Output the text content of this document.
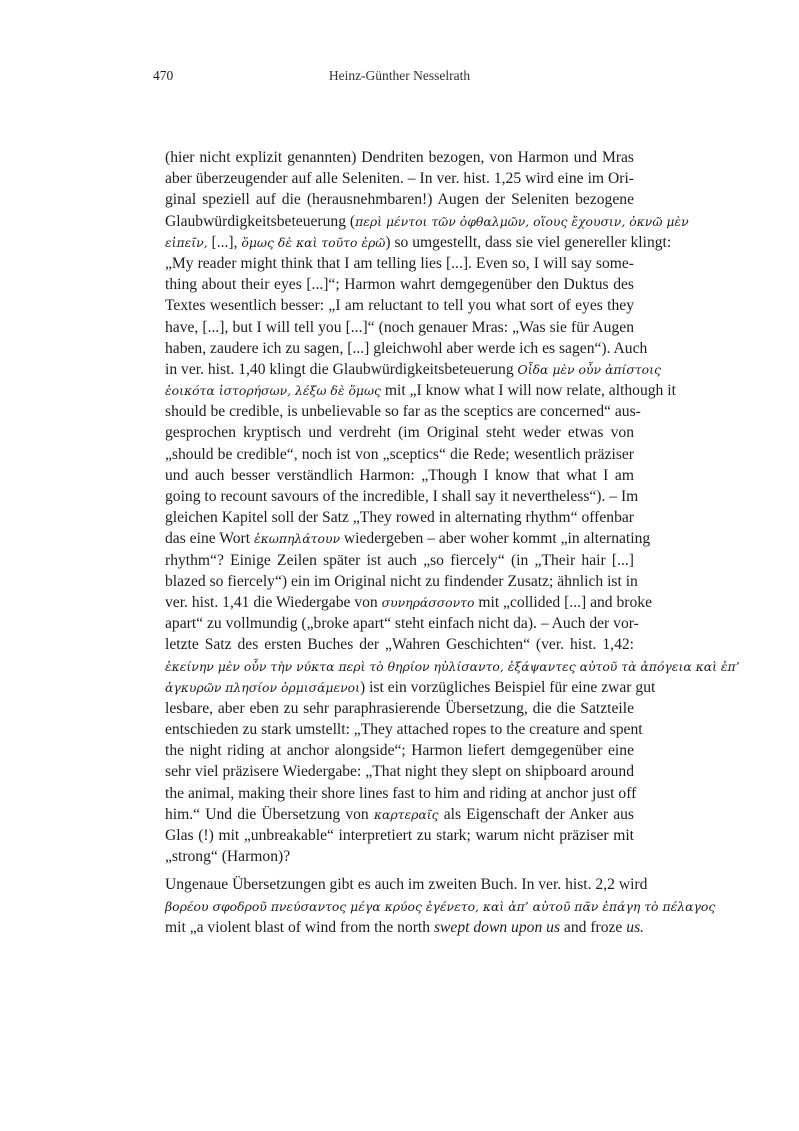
470	Heinz-Günther Nesselrath
(hier nicht explizit genannten) Dendriten bezogen, von Harmon und Mras
aber überzeugender auf alle Seleniten. – In ver. hist. 1,25 wird eine im Ori-
ginal speziell auf die (herausnehmbaren!) Augen der Seleniten bezogene
Glaubwürdigkeitsbeteuerung (περὶ μέντοι τῶν ὀφθαλμῶν, οἵους ἔχουσιν, ὀκνῶ μὲν
εἰπεῖν, [...], ὅμως δὲ καὶ τοῦτο ἐρῶ) so umgestellt, dass sie viel genereller klingt:
„My reader might think that I am telling lies [...]. Even so, I will say some-
thing about their eyes [...]“; Harmon wahrt demgegenüber den Duktus des
Textes wesentlich besser: „I am reluctant to tell you what sort of eyes they
have, [...], but I will tell you [...]“ (noch genauer Mras: „Was sie für Augen
haben, zaudere ich zu sagen, [...] gleichwohl aber werde ich es sagen“). Auch
in ver. hist. 1,40 klingt die Glaubwürdigkeitsbeteuerung Οἶδα μὲν οὖν ἀπίστοις
ἐοικότα ἱστορήσων, λέξω δὲ ὅμως mit „I know what I will now relate, although it
should be credible, is unbelievable so far as the sceptics are concerned“ aus-
gesprochen kryptisch und verdreht (im Original steht weder etwas von
„should be credible“, noch ist von „sceptics“ die Rede; wesentlich präziser
und auch besser verständlich Harmon: „Though I know that what I am
going to recount savours of the incredible, I shall say it nevertheless“). – Im
gleichen Kapitel soll der Satz „They rowed in alternating rhythm“ offenbar
das eine Wort ἐκωπηλάτουν wiedergeben – aber woher kommt „in alternating
rhythm“? Einige Zeilen später ist auch „so fiercely“ (in „Their hair [...]
blazed so fiercely“) ein im Original nicht zu findender Zusatz; ähnlich ist in
ver. hist. 1,41 die Wiedergabe von συνηράσσοντο mit „collided [...] and broke
apart“ zu vollmundig („broke apart“ steht einfach nicht da). – Auch der vor-
letzte Satz des ersten Buches der „Wahren Geschichten“ (ver. hist. 1,42:
ἐκείνην μὲν οὖν τὴν νύκτα περὶ τὸ θηρίον ηὐλίσαντο, ἐξάψαντες αὐτοῦ τὰ ἀπόγεια καὶ ἐπ’
ἀγκυρῶν πλησίον ὁρμισάμενοι) ist ein vorzügliches Beispiel für eine zwar gut
lesbare, aber eben zu sehr paraphrasierende Übersetzung, die die Satzteile
entschieden zu stark umstellt: „They attached ropes to the creature and spent
the night riding at anchor alongside“; Harmon liefert demgegenüber eine
sehr viel präzisere Wiedergabe: „That night they slept on shipboard around
the animal, making their shore lines fast to him and riding at anchor just off
him.“ Und die Übersetzung von καρτεραῖς als Eigenschaft der Anker aus
Glas (!) mit „unbreakable“ interpretiert zu stark; warum nicht präziser mit
„strong“ (Harmon)?
Ungenaue Übersetzungen gibt es auch im zweiten Buch. In ver. hist. 2,2 wird
βορέου σφοδροῦ πνεύσαντος μέγα κρύος ἐγένετο, καὶ ἀπ’ αὐτοῦ πᾶν ἐπάγη τὸ πέλαγος
mit „a violent blast of wind from the north swept down upon us and froze us.
